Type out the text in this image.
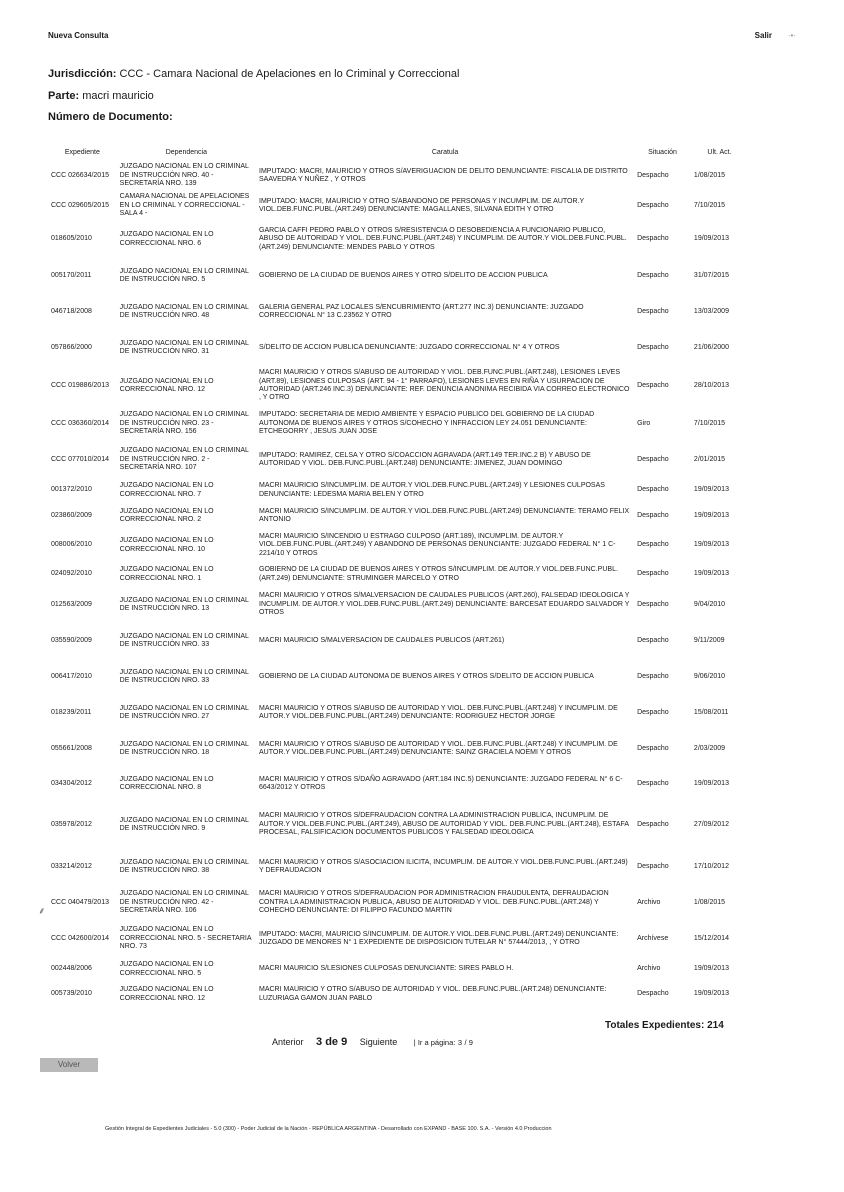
Nueva Consulta	Salir ·•·
Jurisdicción: CCC - Camara Nacional de Apelaciones en lo Criminal y Correccional
Parte: macri mauricio
Número de Documento:
Expediente	Dependencia	Caratula	Situación	Ult. Act.
CCC 026634/2015	JUZGADO NACIONAL EN LO CRIMINAL DE INSTRUCCIÓN NRO. 40 - SECRETARÍA NRO. 139	IMPUTADO: MACRI, MAURICIO Y OTROS S/AVERIGUACION DE DELITO DENUNCIANTE: FISCALIA DE DISTRITO SAAVEDRA Y NUÑEZ , Y OTROS	Despacho	1/08/2015
CCC 029605/2015	CAMARA NACIONAL DE APELACIONES EN LO CRIMINAL Y CORRECCIONAL - SALA 4 -	IMPUTADO: MACRI, MAURICIO Y OTRO S/ABANDONO DE PERSONAS Y INCUMPLIM. DE AUTOR.Y VIOL.DEB.FUNC.PUBL.(ART.249) DENUNCIANTE: MAGALLANES, SILVANA EDITH Y OTRO	Despacho	7/10/2015
018605/2010	JUZGADO NACIONAL EN LO CORRECCIONAL NRO. 6	GARCIA CAFFI PEDRO PABLO Y OTROS S/RESISTENCIA O DESOBEDIENCIA A FUNCIONARIO PUBLICO, ABUSO DE AUTORIDAD Y VIOL. DEB.FUNC.PUBL.(ART.248) Y INCUMPLIM. DE AUTOR.Y VIOL.DEB.FUNC.PUBL.(ART.249) DENUNCIANTE: MENDES PABLO Y OTROS	Despacho	19/09/2013
005170/2011	JUZGADO NACIONAL EN LO CRIMINAL DE INSTRUCCIÓN NRO. 5	GOBIERNO DE LA CIUDAD DE BUENOS AIRES Y OTRO S/DELITO DE ACCION PUBLICA	Despacho	31/07/2015
046718/2008	JUZGADO NACIONAL EN LO CRIMINAL DE INSTRUCCIÓN NRO. 48	GALERIA GENERAL PAZ LOCALES S/ENCUBRIMIENTO (ART.277 INC.3) DENUNCIANTE: JUZGADO CORRECCIONAL N° 13 C.23562 Y OTRO	Despacho	13/03/2009
057866/2000	JUZGADO NACIONAL EN LO CRIMINAL DE INSTRUCCIÓN NRO. 31	S/DELITO DE ACCION PUBLICA DENUNCIANTE: JUZGADO CORRECCIONAL N° 4 Y OTROS	Despacho	21/06/2000
CCC 019886/2013	JUZGADO NACIONAL EN LO CORRECCIONAL NRO. 12	MACRI MAURICIO Y OTROS S/ABUSO DE AUTORIDAD Y VIOL. DEB.FUNC.PUBL.(ART.248), LESIONES LEVES (ART.89), LESIONES CULPOSAS (ART. 94 - 1° PARRAFO), LESIONES LEVES EN RIÑA Y USURPACION DE AUTORIDAD (ART.246 INC.3) DENUNCIANTE: REF. DENUNCIA ANONIMA RECIBIDA VIA CORREO ELECTRONICO , Y OTRO	Despacho	28/10/2013
CCC 036360/2014	JUZGADO NACIONAL EN LO CRIMINAL DE INSTRUCCIÓN NRO. 23 - SECRETARÍA NRO. 156	IMPUTADO: SECRETARIA DE MEDIO AMBIENTE Y ESPACIO PUBLICO DEL GOBIERNO DE LA CIUDAD AUTONOMA DE BUENOS AIRES Y OTROS S/COHECHO Y INFRACCION LEY 24.051 DENUNCIANTE: ETCHEGORRY , JESUS JUAN JOSE	Giro	7/10/2015
CCC 077010/2014	JUZGADO NACIONAL EN LO CRIMINAL DE INSTRUCCIÓN NRO. 2 - SECRETARÍA NRO. 107	IMPUTADO: RAMIREZ, CELSA Y OTRO S/COACCION AGRAVADA (ART.149 TER.INC.2 B) Y ABUSO DE AUTORIDAD Y VIOL. DEB.FUNC.PUBL.(ART.248) DENUNCIANTE: JIMENEZ, JUAN DOMINGO	Despacho	2/01/2015
001372/2010	JUZGADO NACIONAL EN LO CORRECCIONAL NRO. 7	MACRI MAURICIO S/INCUMPLIM. DE AUTOR.Y VIOL.DEB.FUNC.PUBL.(ART.249) Y LESIONES CULPOSAS DENUNCIANTE: LEDESMA MARIA BELEN Y OTRO	Despacho	19/09/2013
023860/2009	JUZGADO NACIONAL EN LO CORRECCIONAL NRO. 2	MACRI MAURICIO S/INCUMPLIM. DE AUTOR.Y VIOL.DEB.FUNC.PUBL.(ART.249) DENUNCIANTE: TERAMO FELIX ANTONIO	Despacho	19/09/2013
008006/2010	JUZGADO NACIONAL EN LO CORRECCIONAL NRO. 10	MACRI MAURICIO S/INCENDIO U ESTRAGO CULPOSO (ART.189), INCUMPLIM. DE AUTOR.Y VIOL.DEB.FUNC.PUBL.(ART.249) Y ABANDONO DE PERSONAS DENUNCIANTE: JUZGADO FEDERAL N° 1 C-2214/10 Y OTROS	Despacho	19/09/2013
024092/2010	JUZGADO NACIONAL EN LO CORRECCIONAL NRO. 1	GOBIERNO DE LA CIUDAD DE BUENOS AIRES Y OTROS S/INCUMPLIM. DE AUTOR.Y VIOL.DEB.FUNC.PUBL.(ART.249) DENUNCIANTE: STRUMINGER MARCELO Y OTRO	Despacho	19/09/2013
012563/2009	JUZGADO NACIONAL EN LO CRIMINAL DE INSTRUCCIÓN NRO. 13	MACRI MAURICIO Y OTROS S/MALVERSACION DE CAUDALES PUBLICOS (ART.260), FALSEDAD IDEOLOGICA Y INCUMPLIM. DE AUTOR.Y VIOL.DEB.FUNC.PUBL.(ART.249) DENUNCIANTE: BARCESAT EDUARDO SALVADOR Y OTROS	Despacho	9/04/2010
035590/2009	JUZGADO NACIONAL EN LO CRIMINAL DE INSTRUCCIÓN NRO. 33	MACRI MAURICIO S/MALVERSACION DE CAUDALES PUBLICOS (ART.261)	Despacho	9/11/2009
006417/2010	JUZGADO NACIONAL EN LO CRIMINAL DE INSTRUCCIÓN NRO. 33	GOBIERNO DE LA CIUDAD AUTONOMA DE BUENOS AIRES Y OTROS S/DELITO DE ACCION PUBLICA	Despacho	9/06/2010
018239/2011	JUZGADO NACIONAL EN LO CRIMINAL DE INSTRUCCIÓN NRO. 27	MACRI MAURICIO Y OTROS S/ABUSO DE AUTORIDAD Y VIOL. DEB.FUNC.PUBL.(ART.248) Y INCUMPLIM. DE AUTOR.Y VIOL.DEB.FUNC.PUBL.(ART.249) DENUNCIANTE: RODRIGUEZ HECTOR JORGE	Despacho	15/08/2011
055661/2008	JUZGADO NACIONAL EN LO CRIMINAL DE INSTRUCCIÓN NRO. 18	MACRI MAURICIO Y OTROS S/ABUSO DE AUTORIDAD Y VIOL. DEB.FUNC.PUBL.(ART.248) Y INCUMPLIM. DE AUTOR.Y VIOL.DEB.FUNC.PUBL.(ART.249) DENUNCIANTE: SAINZ GRACIELA NOEMI Y OTROS	Despacho	2/03/2009
034304/2012	JUZGADO NACIONAL EN LO CORRECCIONAL NRO. 8	MACRI MAURICIO Y OTROS S/DAÑO AGRAVADO (ART.184 INC.5) DENUNCIANTE: JUZGADO FEDERAL N° 6 C-6643/2012 Y OTROS	Despacho	19/09/2013
035978/2012	JUZGADO NACIONAL EN LO CRIMINAL DE INSTRUCCIÓN NRO. 9	MACRI MAURICIO Y OTROS S/DEFRAUDACION CONTRA LA ADMINISTRACION PUBLICA, INCUMPLIM. DE AUTOR.Y VIOL.DEB.FUNC.PUBL.(ART.249), ABUSO DE AUTORIDAD Y VIOL. DEB.FUNC.PUBL.(ART.248), ESTAFA PROCESAL, FALSIFICACION DOCUMENTOS PUBLICOS Y FALSEDAD IDEOLOGICA	Despacho	27/09/2012
033214/2012	JUZGADO NACIONAL EN LO CRIMINAL DE INSTRUCCIÓN NRO. 38	MACRI MAURICIO Y OTROS S/ASOCIACION ILICITA, INCUMPLIM. DE AUTOR.Y VIOL.DEB.FUNC.PUBL.(ART.249) Y DEFRAUDACION	Despacho	17/10/2012
CCC 040479/2013	JUZGADO NACIONAL EN LO CRIMINAL DE INSTRUCCIÓN NRO. 42 - SECRETARÍA NRO. 106	MACRI MAURICIO Y OTROS S/DEFRAUDACION POR ADMINISTRACION FRAUDULENTA, DEFRAUDACION CONTRA LA ADMINISTRACION PUBLICA, ABUSO DE AUTORIDAD Y VIOL. DEB.FUNC.PUBL.(ART.248) Y COHECHO DENUNCIANTE: DI FILIPPO FACUNDO MARTIN	Archivo	1/08/2015
CCC 042600/2014	JUZGADO NACIONAL EN LO CORRECCIONAL NRO. 5 - SECRETARIA NRO. 73	IMPUTADO: MACRI, MAURICIO S/INCUMPLIM. DE AUTOR.Y VIOL.DEB.FUNC.PUBL.(ART.249) DENUNCIANTE: JUZGADO DE MENORES N° 1 EXPEDIENTE DE DISPOSICION TUTELAR N° 57444/2013, , Y OTRO	Archívese	15/12/2014
002448/2006	JUZGADO NACIONAL EN LO CORRECCIONAL NRO. 5	MACRI MAURICIO S/LESIONES CULPOSAS DENUNCIANTE: SIRES PABLO H.	Archivo	19/09/2013
005739/2010	JUZGADO NACIONAL EN LO CORRECCIONAL NRO. 12	MACRI MAURICIO Y OTRO S/ABUSO DE AUTORIDAD Y VIOL. DEB.FUNC.PUBL.(ART.248) DENUNCIANTE: LUZURIAGA GAMON JUAN PABLO	Despacho	19/09/2013
⸙
Totales Expedientes: 214
Anterior 3 de 9 Siguiente | Ir a página: 3 / 9
Volver
Gestión Integral de Expedientes Judiciales - 5.0 (300) - Poder Judicial de la Nación - REPÚBLICA ARGENTINA - Desarrollado con EXPAND - BASE 100. S.A. - Versión 4.0 Produccion
